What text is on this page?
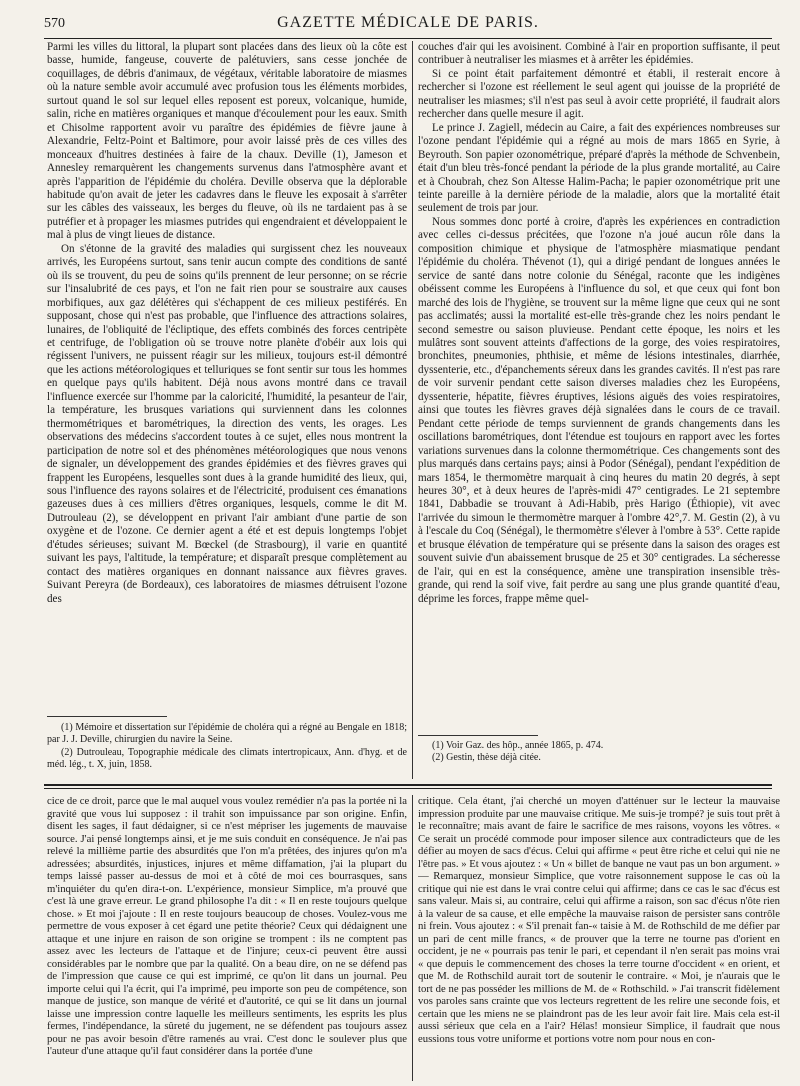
570	GAZETTE MÉDICALE DE PARIS.

Parmi les villes du littoral, la plupart sont placées dans des lieux où la côte est basse, humide, fangeuse, couverte de palétuviers, sans cesse jonchée de coquillages, de débris d'animaux, de végétaux, véritable laboratoire de miasmes où la nature semble avoir accumulé avec profusion tous les éléments morbides, surtout quand le sol sur lequel elles reposent est poreux, volcanique, humide, salin, riche en matières organiques et manque d'écoulement pour les eaux. Smith et Chisolme rapportent avoir vu paraître des épidémies de fièvre jaune à Alexandrie, Feltz-Point et Baltimore, pour avoir laissé près de ces villes des monceaux d'huitres destinées à faire de la chaux. Deville (1), Jameson et Annesley remarquèrent les changements survenus dans l'atmosphère avant et après l'apparition de l'épidémie du choléra. Deville observa que la déplorable habitude qu'on avait de jeter les cadavres dans le fleuve les exposait à s'arrêter sur les câbles des vaisseaux, les berges du fleuve, où ils ne tardaient pas à se putréfier et à propager les miasmes putrides qui engendraient et développaient le mal à plus de vingt lieues de distance.

On s'étonne de la gravité des maladies qui surgissent chez les nouveaux arrivés, les Européens surtout, sans tenir aucun compte des conditions de santé où ils se trouvent, du peu de soins qu'ils prennent de leur personne; on se récrie sur l'insalubrité de ces pays, et l'on ne fait rien pour se soustraire aux causes morbifiques, aux gaz délétères qui s'échappent de ces milieux pestiférés. En supposant, chose qui n'est pas probable, que l'influence des attractions solaires, lunaires, de l'obliquité de l'écliptique, des effets combinés des forces centripète et centrifuge, de l'obligation où se trouve notre planète d'obéir aux lois qui régissent l'univers, ne puissent réagir sur les milieux, toujours est-il démontré que les actions météorologiques et telluriques se font sentir sur tous les hommes en quelque pays qu'ils habitent. Déjà nous avons montré dans ce travail l'influence exercée sur l'homme par la caloricité, l'humidité, la pesanteur de l'air, la température, les brusques variations qui surviennent dans les colonnes thermométriques et barométriques, la direction des vents, les orages. Les observations des médecins s'accordent toutes à ce sujet, elles nous montrent la participation de notre sol et des phénomènes météorologiques que nous venons de signaler, un développement des grandes épidémies et des fièvres graves qui frappent les Européens, lesquelles sont dues à la grande humidité des lieux, qui, sous l'influence des rayons solaires et de l'électricité, produisent ces émanations gazeuses dues à ces milliers d'êtres organiques, lesquels, comme le dit M. Dutrouleau (2), se développent en privant l'air ambiant d'une partie de son oxygène et de l'ozone. Ce dernier agent a été et est depuis longtemps l'objet d'études sérieuses; suivant M. Bœckel (de Strasbourg), il varie en quantité suivant les pays, l'altitude, la température; et disparaît presque complètement au contact des matières organiques en donnant naissance aux fièvres graves. Suivant Pereyra (de Bordeaux), ces laboratoires de miasmes détruisent l'ozone des

couches d'air qui les avoisinent. Combiné à l'air en proportion suffisante, il peut contribuer à neutraliser les miasmes et à arrêter les épidémies.

Si ce point était parfaitement démontré et établi, il resterait encore à rechercher si l'ozone est réellement le seul agent qui jouisse de la propriété de neutraliser les miasmes; s'il n'est pas seul à avoir cette propriété, il faudrait alors rechercher dans quelle mesure il agit.

Le prince J. Zagiell, médecin au Caire, a fait des expériences nombreuses sur l'ozone pendant l'épidémie qui a régné au mois de mars 1865 en Syrie, à Beyrouth. Son papier ozonométrique, préparé d'après la méthode de Schvenbein, était d'un bleu très-foncé pendant la période de la plus grande mortalité, au Caire et à Choubrah, chez Son Altesse Halim-Pacha; le papier ozonométrique prit une teinte pareille à la dernière période de la maladie, alors que la mortalité était seulement de trois par jour.

Nous sommes donc porté à croire, d'après les expériences en contradiction avec celles ci-dessus précitées, que l'ozone n'a joué aucun rôle dans la composition chimique et physique de l'atmosphère miasmatique pendant l'épidémie du choléra. Thévenot (1), qui a dirigé pendant de longues années le service de santé dans notre colonie du Sénégal, raconte que les indigènes obéissent comme les Européens à l'influence du sol, et que ceux qui font bon marché des lois de l'hygiène, se trouvent sur la même ligne que ceux qui ne sont pas acclimatés; aussi la mortalité est-elle très-grande chez les noirs pendant le second semestre ou saison pluvieuse. Pendant cette époque, les noirs et les mulâtres sont souvent atteints d'affections de la gorge, des voies respiratoires, bronchites, pneumonies, phthisie, et même de lésions intestinales, diarrhée, dyssenterie, etc., d'épanchements séreux dans les grandes cavités. Il n'est pas rare de voir survenir pendant cette saison diverses maladies chez les Européens, dyssenterie, hépatite, fièvres éruptives, lésions aiguës des voies respiratoires, ainsi que toutes les fièvres graves déjà signalées dans le cours de ce travail. Pendant cette période de temps surviennent de grands changements dans les oscillations barométriques, dont l'étendue est toujours en rapport avec les fortes variations survenues dans la colonne thermométrique. Ces changements sont des plus marqués dans certains pays; ainsi à Podor (Sénégal), pendant l'expédition de mars 1854, le thermomètre marquait à cinq heures du matin 20 degrés, à sept heures 30°, et à deux heures de l'après-midi 47° centigrades. Le 21 septembre 1841, Dabbadie se trouvant à Adi-Habib, près Harigo (Éthiopie), vit avec l'arrivée du simoun le thermomètre marquer à l'ombre 42°,7. M. Gestin (2), à vu à l'escale du Coq (Sénégal), le thermomètre s'élever à l'ombre à 53°. Cette rapide et brusque élévation de température qui se présente dans la saison des orages est souvent suivie d'un abaissement brusque de 25 et 30° centigrades. La sécheresse de l'air, qui en est la conséquence, amène une transpiration insensible très-grande, qui rend la soif vive, fait perdre au sang une plus grande quantité d'eau, déprime les forces, frappe même quel-

(1) Mémoire et dissertation sur l'épidémie de choléra qui a régné au Bengale en 1818; par J. J. Deville, chirurgien du navire la Seine.

(2) Dutrouleau, Topographie médicale des climats intertropicaux, Ann. d'hyg. et de méd. lég., t. X, juin, 1858.

(1) Voir Gaz. des hôp., année 1865, p. 474.

(2) Gestin, thèse déjà citée.

cice de ce droit, parce que le mal auquel vous voulez remédier n'a pas la portée ni la gravité que vous lui supposez : il trahit son impuissance par son origine. Enfin, disent les sages, il faut dédaigner, si ce n'est mépriser les jugements de mauvaise source. J'ai pensé longtemps ainsi, et je me suis conduit en conséquence. Je n'ai pas relevé la millième partie des absurdités que l'on m'a prêtées, des injures qu'on m'a adressées; absurdités, injustices, injures et même diffamation, j'ai la plupart du temps laissé passer au-dessus de moi et à côté de moi ces bourrasques, sans m'inquiéter du qu'en dira-t-on. L'expérience, monsieur Simplice, m'a prouvé que c'est là une grave erreur. Le grand philosophe l'a dit : « Il en reste toujours quelque chose. » Et moi j'ajoute : Il en reste toujours beaucoup de choses. Voulez-vous me permettre de vous exposer à cet égard une petite théorie? Ceux qui dédaignent une attaque et une injure en raison de son origine se trompent : ils ne comptent pas assez avec les lecteurs de l'attaque et de l'injure; ceux-ci peuvent être aussi considérables par le nombre que par la qualité. On a beau dire, on ne se défend pas de l'impression que cause ce qui est imprimé, ce qu'on lit dans un journal. Peu importe celui qui l'a écrit, qui l'a imprimé, peu importe son peu de compétence, son manque de justice, son manque de vérité et d'autorité, ce qui se lit dans un journal laisse une impression contre laquelle les meilleurs sentiments, les esprits les plus fermes, l'indépendance, la sûreté du jugement, ne se défendent pas toujours assez pour ne pas avoir besoin d'être ramenés au vrai. C'est donc le soulever plus que l'auteur d'une attaque qu'il faut considérer dans la portée d'une

critique. Cela étant, j'ai cherché un moyen d'atténuer sur le lecteur la mauvaise impression produite par une mauvaise critique. Me suis-je trompé? je suis tout prêt à le reconnaître; mais avant de faire le sacrifice de mes raisons, voyons les vôtres. « Ce serait un procédé commode pour imposer silence aux contradicteurs que de les défier au moyen de sacs d'écus. Celui qui affirme « peut être riche et celui qui nie ne l'être pas. » Et vous ajoutez : « Un « billet de banque ne vaut pas un bon argument. » — Remarquez, monsieur Simplice, que votre raisonnement suppose le cas où la critique qui nie est dans le vrai contre celui qui affirme; dans ce cas le sac d'écus est sans valeur. Mais si, au contraire, celui qui affirme a raison, son sac d'écus n'ôte rien à la valeur de sa cause, et elle empêche la mauvaise raison de persister sans contrôle ni frein. Vous ajoutez : « S'il prenait fan-« taisie à M. de Rothschild de me défier par un pari de cent mille francs, « de prouver que la terre ne tourne pas d'orient en occident, je ne « pourrais pas tenir le pari, et cependant il n'en serait pas moins vrai « que depuis le commencement des choses la terre tourne d'occident « en orient, et que M. de Rothschild aurait tort de soutenir le contraire. « Moi, je n'aurais que le tort de ne pas posséder les millions de M. de « Rothschild. » J'ai transcrit fidèlement vos paroles sans crainte que vos lecteurs regrettent de les relire une seconde fois, et certain que les miens ne se plaindront pas de les leur avoir fait lire. Mais cela est-il aussi sérieux que cela en a l'air? Hélas! monsieur Simplice, il faudrait que nous eussions tous votre uniforme et portions votre nom pour nous en con-
